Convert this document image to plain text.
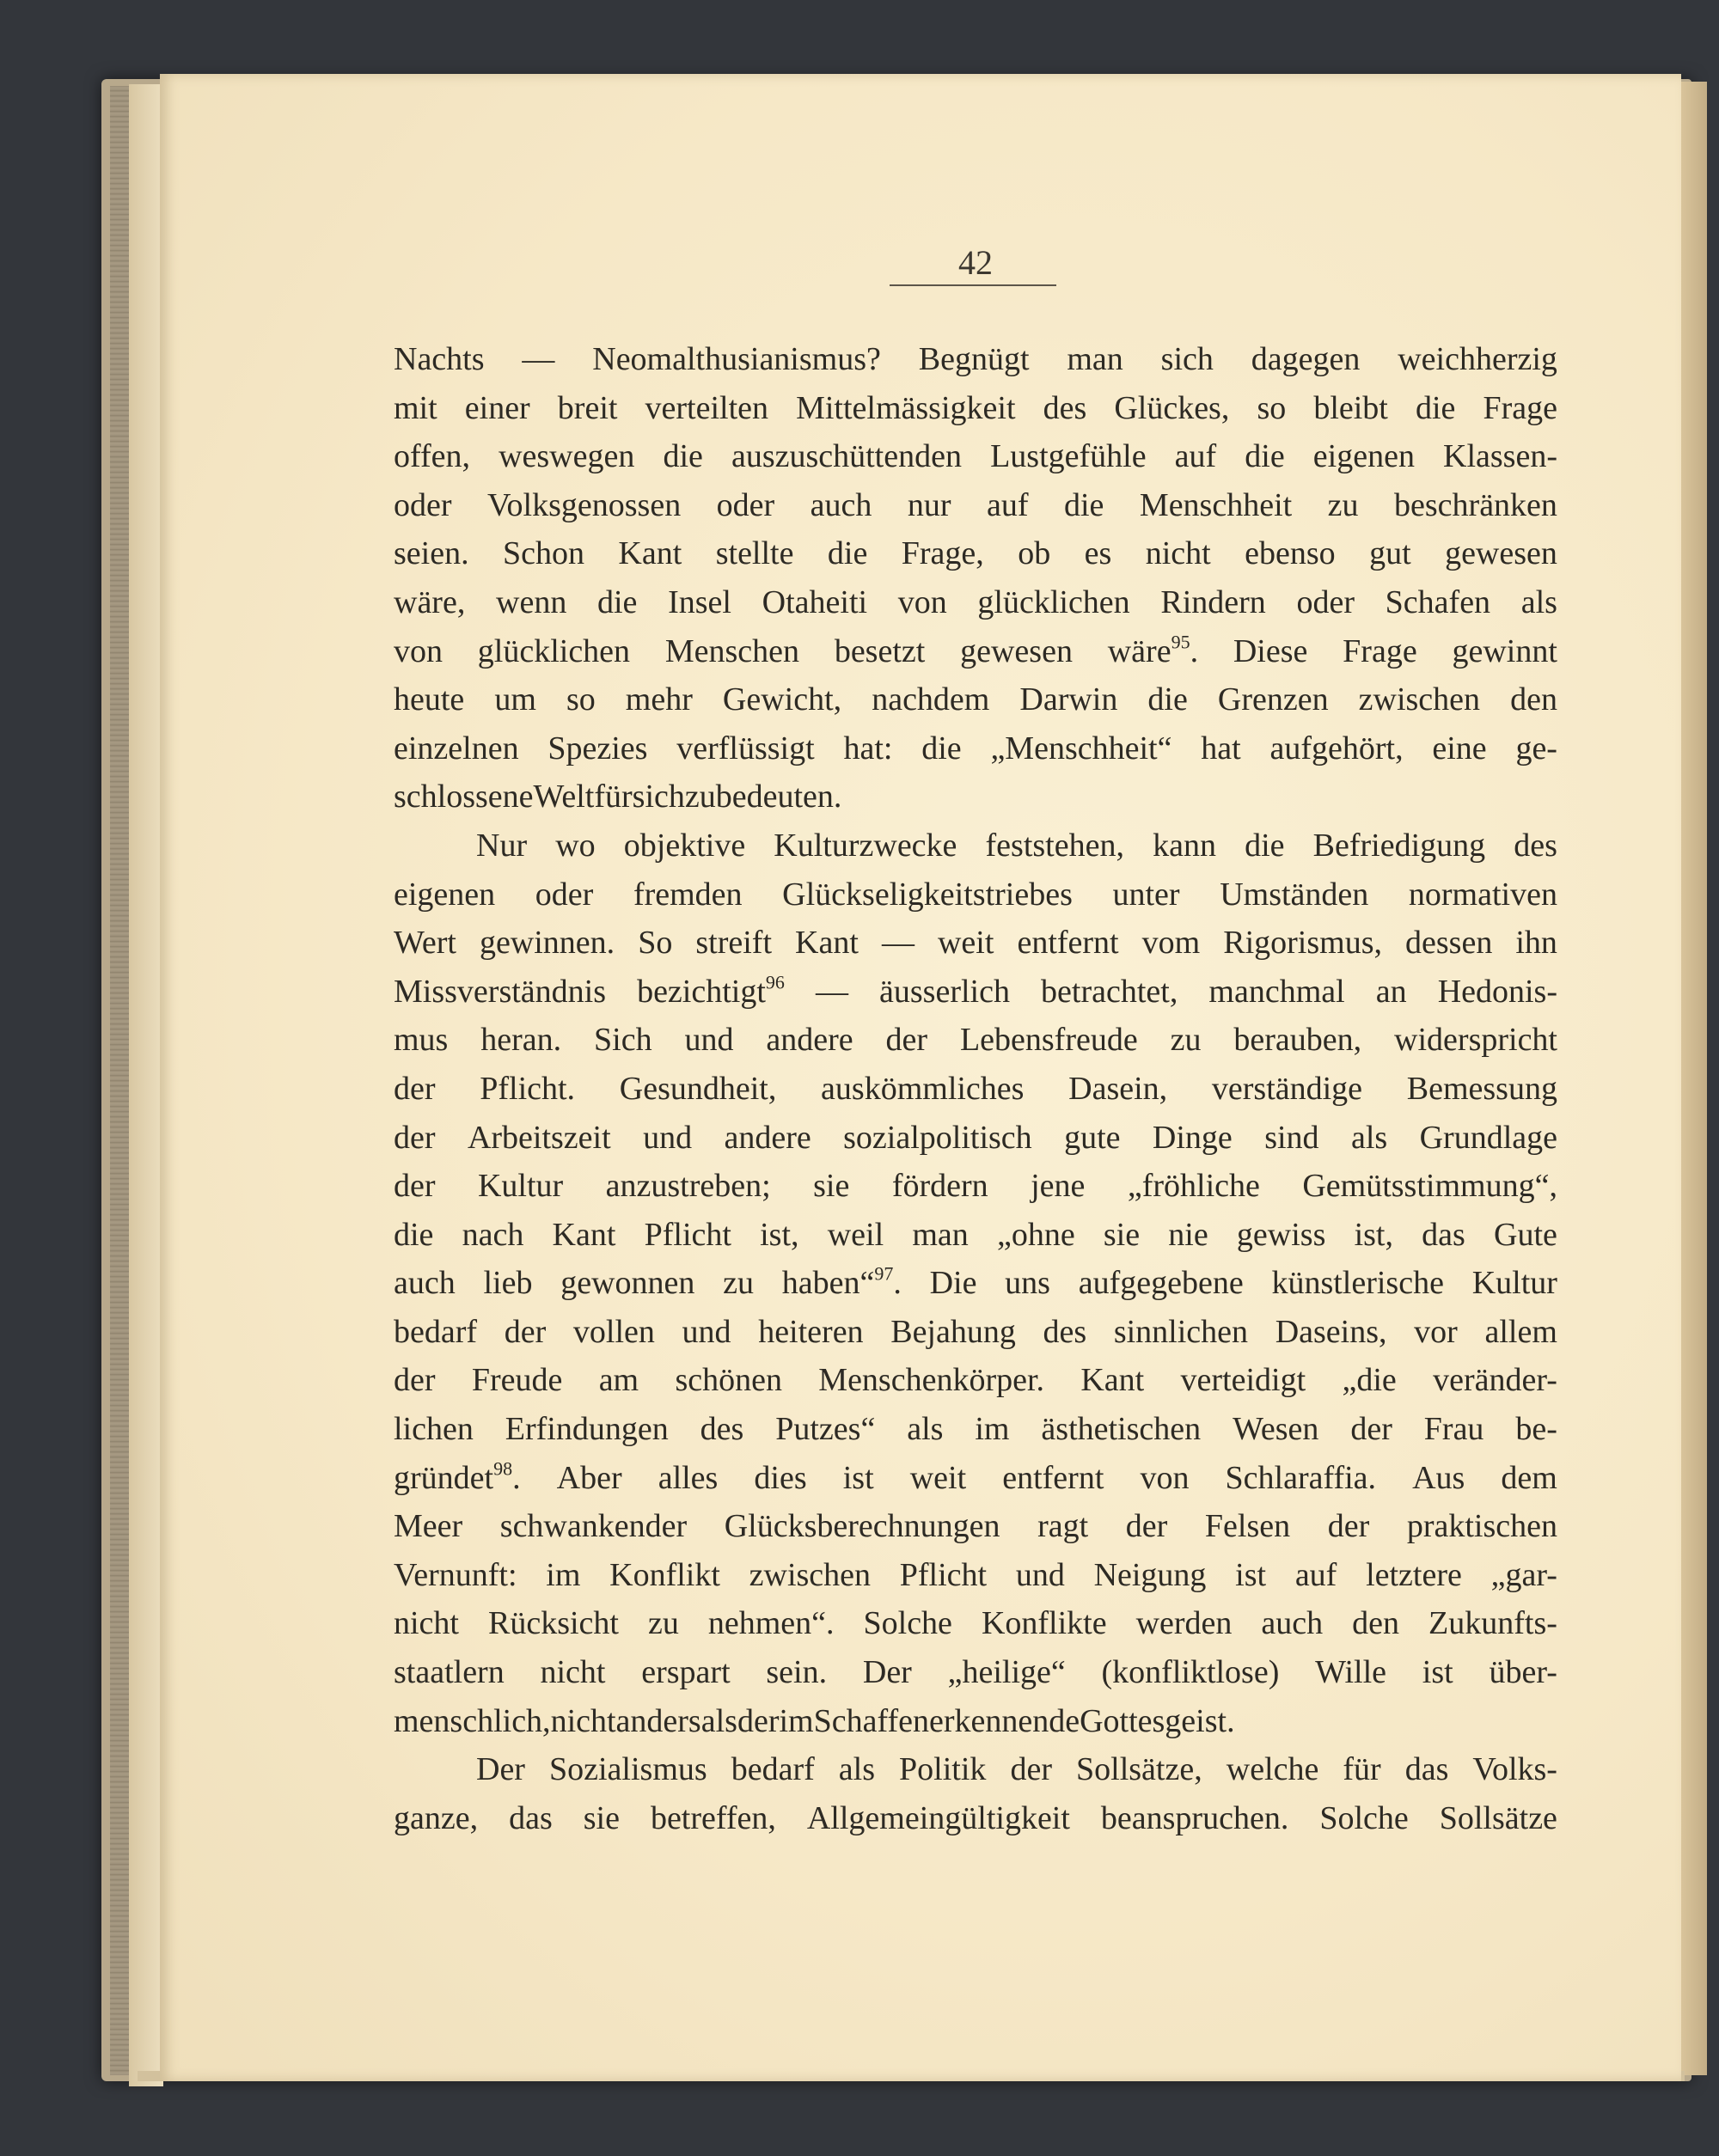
42
Nachts — Neomalthusianismus? Begnügt man sich dagegen weichherzig
mit einer breit verteilten Mittelmässigkeit des Glückes, so bleibt die Frage
offen, weswegen die auszuschüttenden Lustgefühle auf die eigenen Klassen-
oder Volksgenossen oder auch nur auf die Menschheit zu beschränken
seien. Schon Kant stellte die Frage, ob es nicht ebenso gut gewesen
wäre, wenn die Insel Otaheiti von glücklichen Rindern oder Schafen als
von glücklichen Menschen besetzt gewesen wäre$^{95}$. Diese Frage gewinnt
heute um so mehr Gewicht, nachdem Darwin die Grenzen zwischen den
einzelnen Spezies verflüssigt hat: die „Menschheit“ hat aufgehört, eine ge-
schlossene Welt für sich zu bedeuten.
Nur wo objektive Kulturzwecke feststehen, kann die Befriedigung des
eigenen oder fremden Glückseligkeitstriebes unter Umständen normativen
Wert gewinnen. So streift Kant — weit entfernt vom Rigorismus, dessen ihn
Missverständnis bezichtigt$^{96}$ — äusserlich betrachtet, manchmal an Hedonis-
mus heran. Sich und andere der Lebensfreude zu berauben, widerspricht
der Pflicht. Gesundheit, auskömmliches Dasein, verständige Bemessung
der Arbeitszeit und andere sozialpolitisch gute Dinge sind als Grundlage
der Kultur anzustreben; sie fördern jene „fröhliche Gemütsstimmung“,
die nach Kant Pflicht ist, weil man „ohne sie nie gewiss ist, das Gute
auch lieb gewonnen zu haben“$^{97}$. Die uns aufgegebene künstlerische Kultur
bedarf der vollen und heiteren Bejahung des sinnlichen Daseins, vor allem
der Freude am schönen Menschenkörper. Kant verteidigt „die veränder-
lichen Erfindungen des Putzes“ als im ästhetischen Wesen der Frau be-
gründet$^{98}$. Aber alles dies ist weit entfernt von Schlaraffia. Aus dem
Meer schwankender Glücksberechnungen ragt der Felsen der praktischen
Vernunft: im Konflikt zwischen Pflicht und Neigung ist auf letztere „gar-
nicht Rücksicht zu nehmen“. Solche Konflikte werden auch den Zukunfts-
staatlern nicht erspart sein. Der „heilige“ (konfliktlose) Wille ist über-
menschlich, nicht anders als der im Schaffen erkennende Gottesgeist.
Der Sozialismus bedarf als Politik der Sollsätze, welche für das Volks-
ganze, das sie betreffen, Allgemeingültigkeit beanspruchen. Solche Sollsätze
